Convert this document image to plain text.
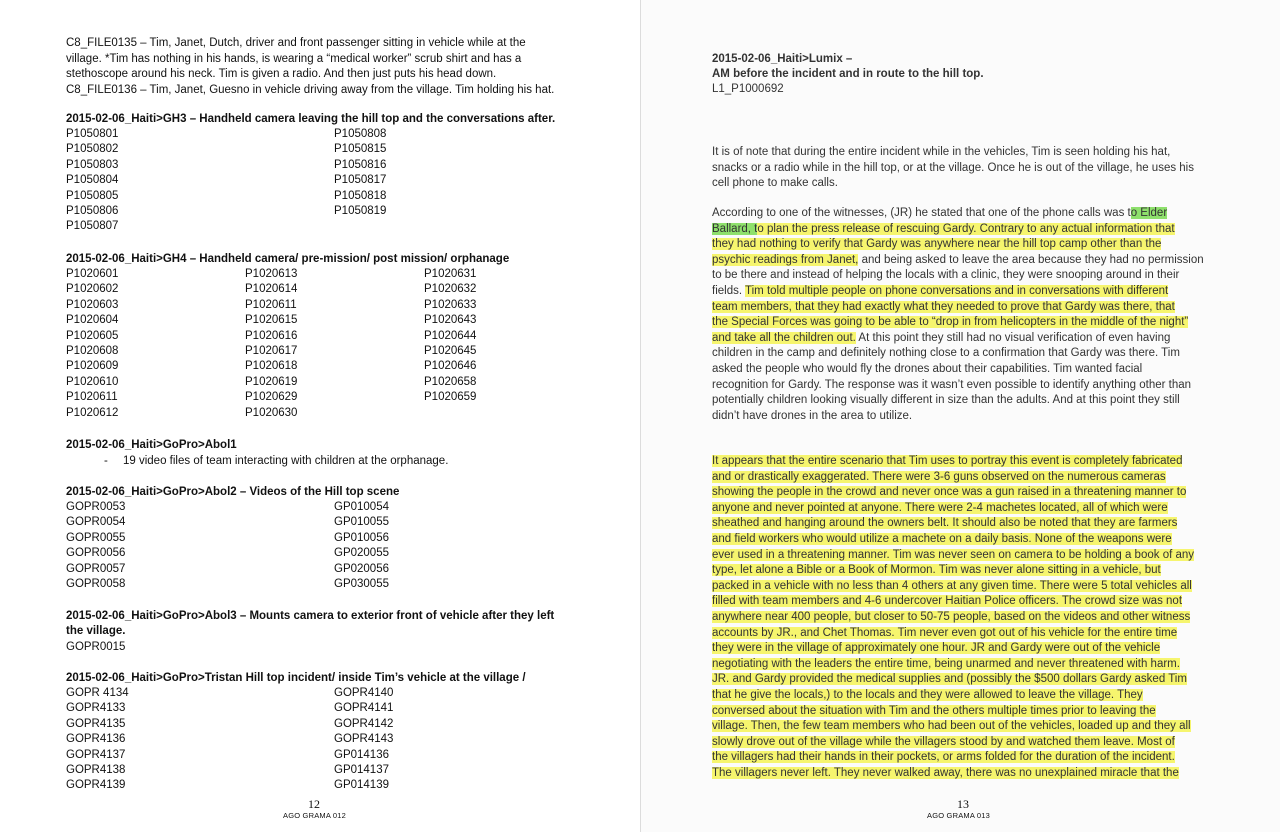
C8_FILE0135 – Tim, Janet, Dutch, driver and front passenger sitting in vehicle while at the
village. *Tim has nothing in his hands, is wearing a “medical worker” scrub shirt and has a
stethoscope around his neck. Tim is given a radio. And then just puts his head down.
C8_FILE0136 – Tim, Janet, Guesno in vehicle driving away from the village. Tim holding his hat.
2015-02-06_Haiti>GH3 – Handheld camera leaving the hill top and the conversations after.
P1050801
P1050802
P1050803
P1050804
P1050805
P1050806
P1050807
P1050808
P1050815
P1050816
P1050817
P1050818
P1050819
2015-02-06_Haiti>GH4 – Handheld camera/ pre-mission/ post mission/ orphanage
P1020601
P1020602
P1020603
P1020604
P1020605
P1020608
P1020609
P1020610
P1020611
P1020612
P1020613
P1020614
P1020611
P1020615
P1020616
P1020617
P1020618
P1020619
P1020629
P1020630
P1020631
P1020632
P1020633
P1020643
P1020644
P1020645
P1020646
P1020658
P1020659
2015-02-06_Haiti>GoPro>Abol1
- 19 video files of team interacting with children at the orphanage.
2015-02-06_Haiti>GoPro>Abol2 – Videos of the Hill top scene
GOPR0053
GOPR0054
GOPR0055
GOPR0056
GOPR0057
GOPR0058
GP010054
GP010055
GP010056
GP020055
GP020056
GP030055
2015-02-06_Haiti>GoPro>Abol3 – Mounts camera to exterior front of vehicle after they left
the village.
GOPR0015
2015-02-06_Haiti>GoPro>Tristan Hill top incident/ inside Tim’s vehicle at the village /
GOPR 4134
GOPR4133
GOPR4135
GOPR4136
GOPR4137
GOPR4138
GOPR4139
GOPR4140
GOPR4141
GOPR4142
GOPR4143
GP014136
GP014137
GP014139
12
AGO GRAMA 012
2015-02-06_Haiti>Lumix –
AM before the incident and in route to the hill top.
L1_P1000692
It is of note that during the entire incident while in the vehicles, Tim is seen holding his hat,
snacks or a radio while in the hill top, or at the village. Once he is out of the village, he uses his
cell phone to make calls.
According to one of the witnesses, (JR) he stated that one of the phone calls was to Elder
Ballard, to plan the press release of rescuing Gardy. Contrary to any actual information that
they had nothing to verify that Gardy was anywhere near the hill top camp other than the
psychic readings from Janet, and being asked to leave the area because they had no permission
to be there and instead of helping the locals with a clinic, they were snooping around in their
fields. Tim told multiple people on phone conversations and in conversations with different
team members, that they had exactly what they needed to prove that Gardy was there, that
the Special Forces was going to be able to “drop in from helicopters in the middle of the night”
and take all the children out. At this point they still had no visual verification of even having
children in the camp and definitely nothing close to a confirmation that Gardy was there. Tim
asked the people who would fly the drones about their capabilities. Tim wanted facial
recognition for Gardy. The response was it wasn’t even possible to identify anything other than
potentially children looking visually different in size than the adults. And at this point they still
didn’t have drones in the area to utilize.
It appears that the entire scenario that Tim uses to portray this event is completely fabricated
and or drastically exaggerated. There were 3-6 guns observed on the numerous cameras
showing the people in the crowd and never once was a gun raised in a threatening manner to
anyone and never pointed at anyone. There were 2-4 machetes located, all of which were
sheathed and hanging around the owners belt. It should also be noted that they are farmers
and field workers who would utilize a machete on a daily basis. None of the weapons were
ever used in a threatening manner. Tim was never seen on camera to be holding a book of any
type, let alone a Bible or a Book of Mormon. Tim was never alone sitting in a vehicle, but
packed in a vehicle with no less than 4 others at any given time. There were 5 total vehicles all
filled with team members and 4-6 undercover Haitian Police officers. The crowd size was not
anywhere near 400 people, but closer to 50-75 people, based on the videos and other witness
accounts by JR., and Chet Thomas. Tim never even got out of his vehicle for the entire time
they were in the village of approximately one hour. JR and Gardy were out of the vehicle
negotiating with the leaders the entire time, being unarmed and never threatened with harm.
JR. and Gardy provided the medical supplies and (possibly the $500 dollars Gardy asked Tim
that he give the locals,) to the locals and they were allowed to leave the village. They
conversed about the situation with Tim and the others multiple times prior to leaving the
village. Then, the few team members who had been out of the vehicles, loaded up and they all
slowly drove out of the village while the villagers stood by and watched them leave. Most of
the villagers had their hands in their pockets, or arms folded for the duration of the incident.
The villagers never left. They never walked away, there was no unexplained miracle that the
13
AGO GRAMA 013
